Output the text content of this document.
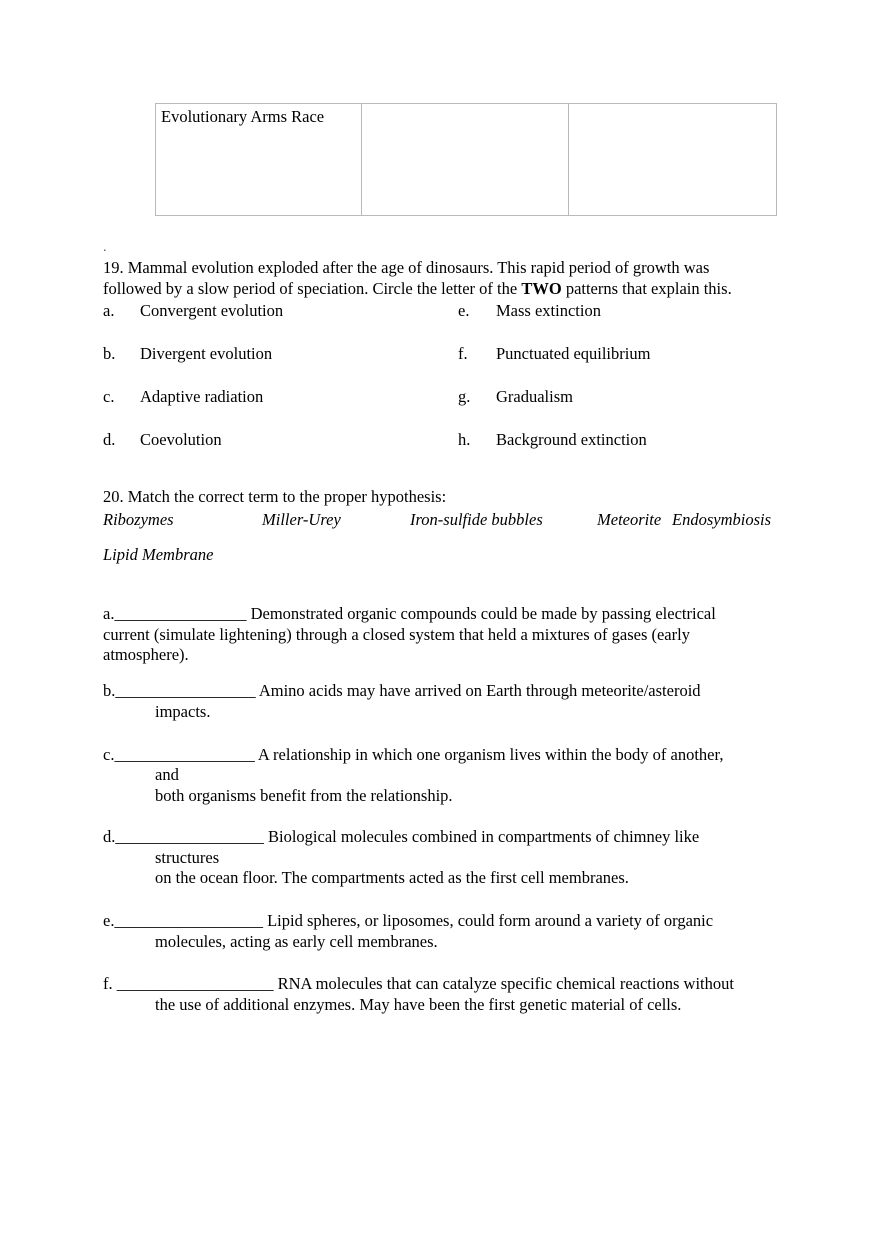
Evolutionary Arms Race
.
19. Mammal evolution exploded after the age of dinosaurs. This rapid period of growth was
followed by a slow period of speciation. Circle the letter of the TWO patterns that explain this.
a. Convergent evolution	e. Mass extinction
b. Divergent evolution	f. Punctuated equilibrium
c. Adaptive radiation	g. Gradualism
d. Coevolution	h. Background extinction
20. Match the correct term to the proper hypothesis:
Ribozymes	Miller-Urey	Iron-sulfide bubbles	Meteorite Endosymbiosis
Lipid Membrane
a.________________ Demonstrated organic compounds could be made by passing electrical
current (simulate lightening) through a closed system that held a mixtures of gases (early
atmosphere).
b._________________ Amino acids may have arrived on Earth through meteorite/asteroid
impacts.
c._________________ A relationship in which one organism lives within the body of another,
and
both organisms benefit from the relationship.
d.__________________ Biological molecules combined in compartments of chimney like
structures
on the ocean floor. The compartments acted as the first cell membranes.
e.__________________ Lipid spheres, or liposomes, could form around a variety of organic
molecules, acting as early cell membranes.
f. ___________________ RNA molecules that can catalyze specific chemical reactions without
the use of additional enzymes. May have been the first genetic material of cells.
